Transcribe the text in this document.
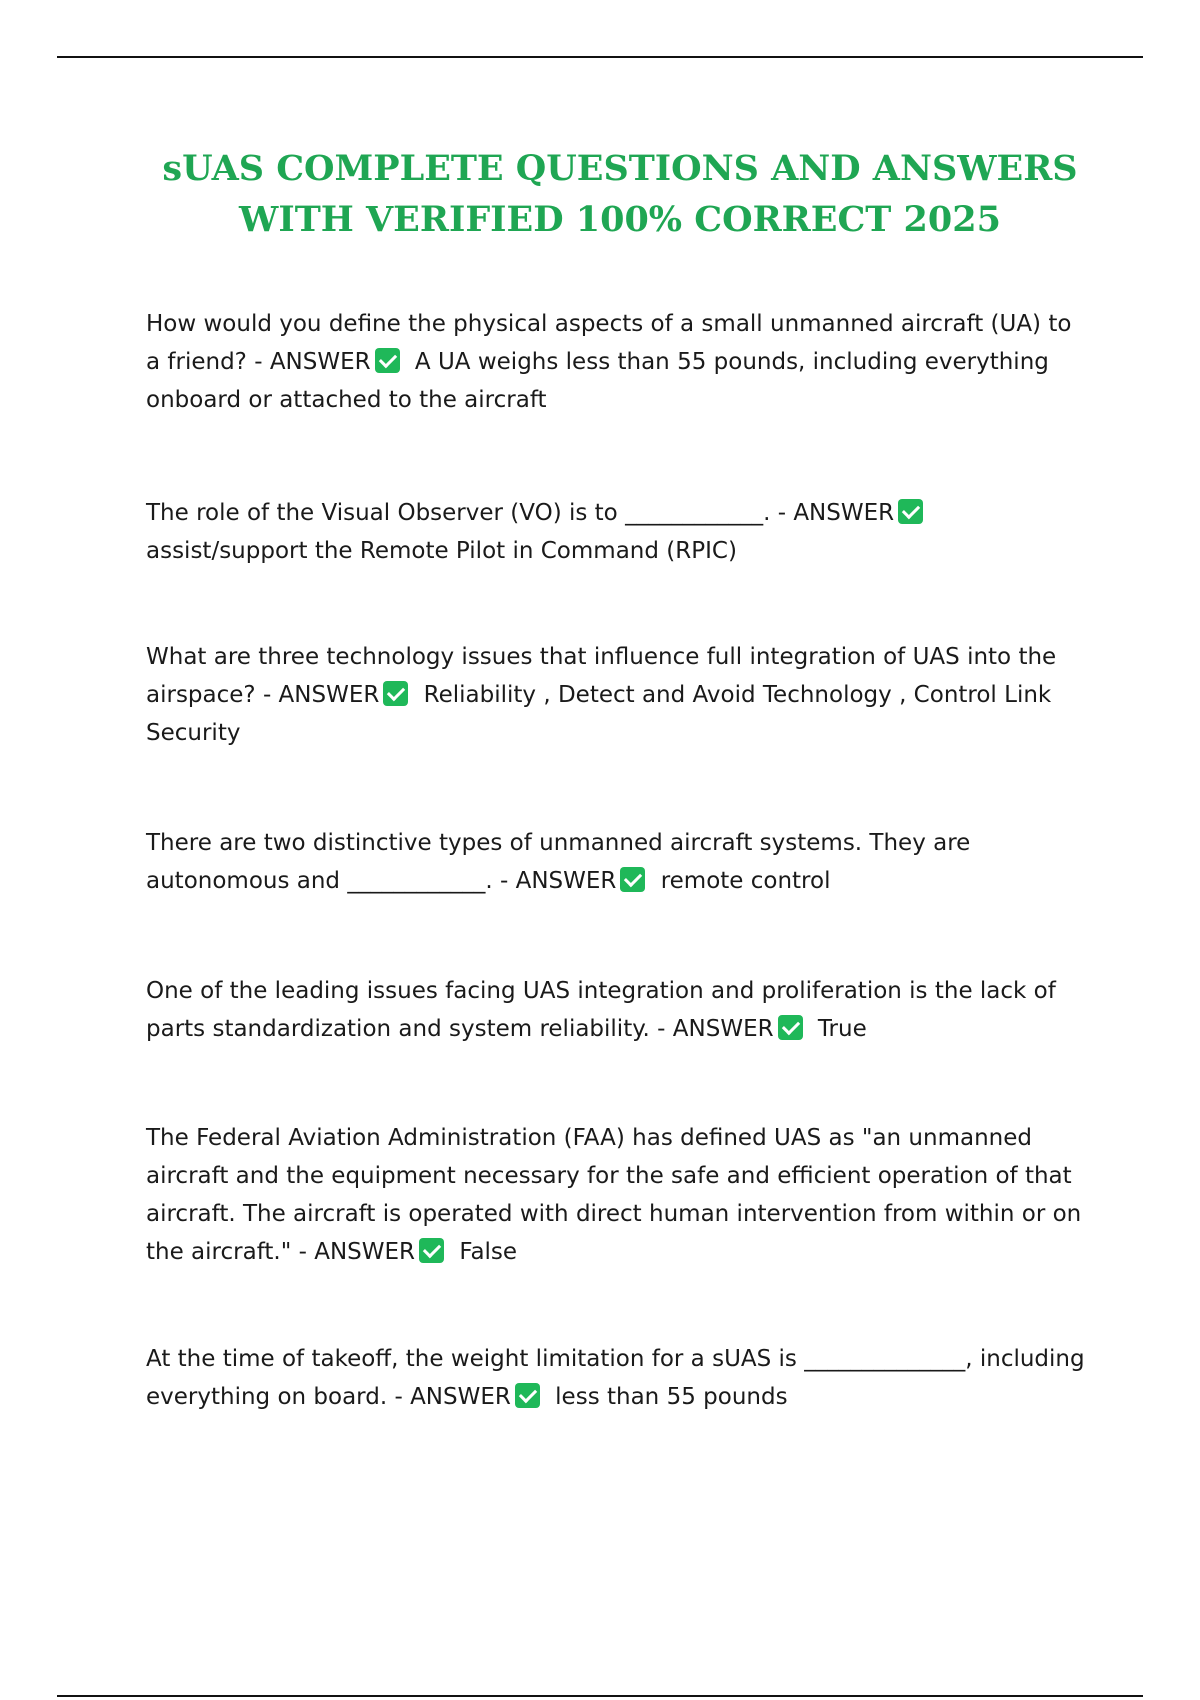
sUAS COMPLETE QUESTIONS AND ANSWERS
WITH VERIFIED 100% CORRECT 2025

How would you define the physical aspects of a small unmanned aircraft (UA) to a friend? - ANSWER A UA weighs less than 55 pounds, including everything onboard or attached to the aircraft

The role of the Visual Observer (VO) is to ____________. - ANSWER assist/support the Remote Pilot in Command (RPIC)

What are three technology issues that influence full integration of UAS into the airspace? - ANSWER Reliability , Detect and Avoid Technology , Control Link Security

There are two distinctive types of unmanned aircraft systems. They are autonomous and ____________. - ANSWER remote control

One of the leading issues facing UAS integration and proliferation is the lack of parts standardization and system reliability. - ANSWER True

The Federal Aviation Administration (FAA) has defined UAS as "an unmanned aircraft and the equipment necessary for the safe and efficient operation of that aircraft. The aircraft is operated with direct human intervention from within or on the aircraft." - ANSWER False

At the time of takeoff, the weight limitation for a sUAS is ______________, including everything on board. - ANSWER less than 55 pounds
